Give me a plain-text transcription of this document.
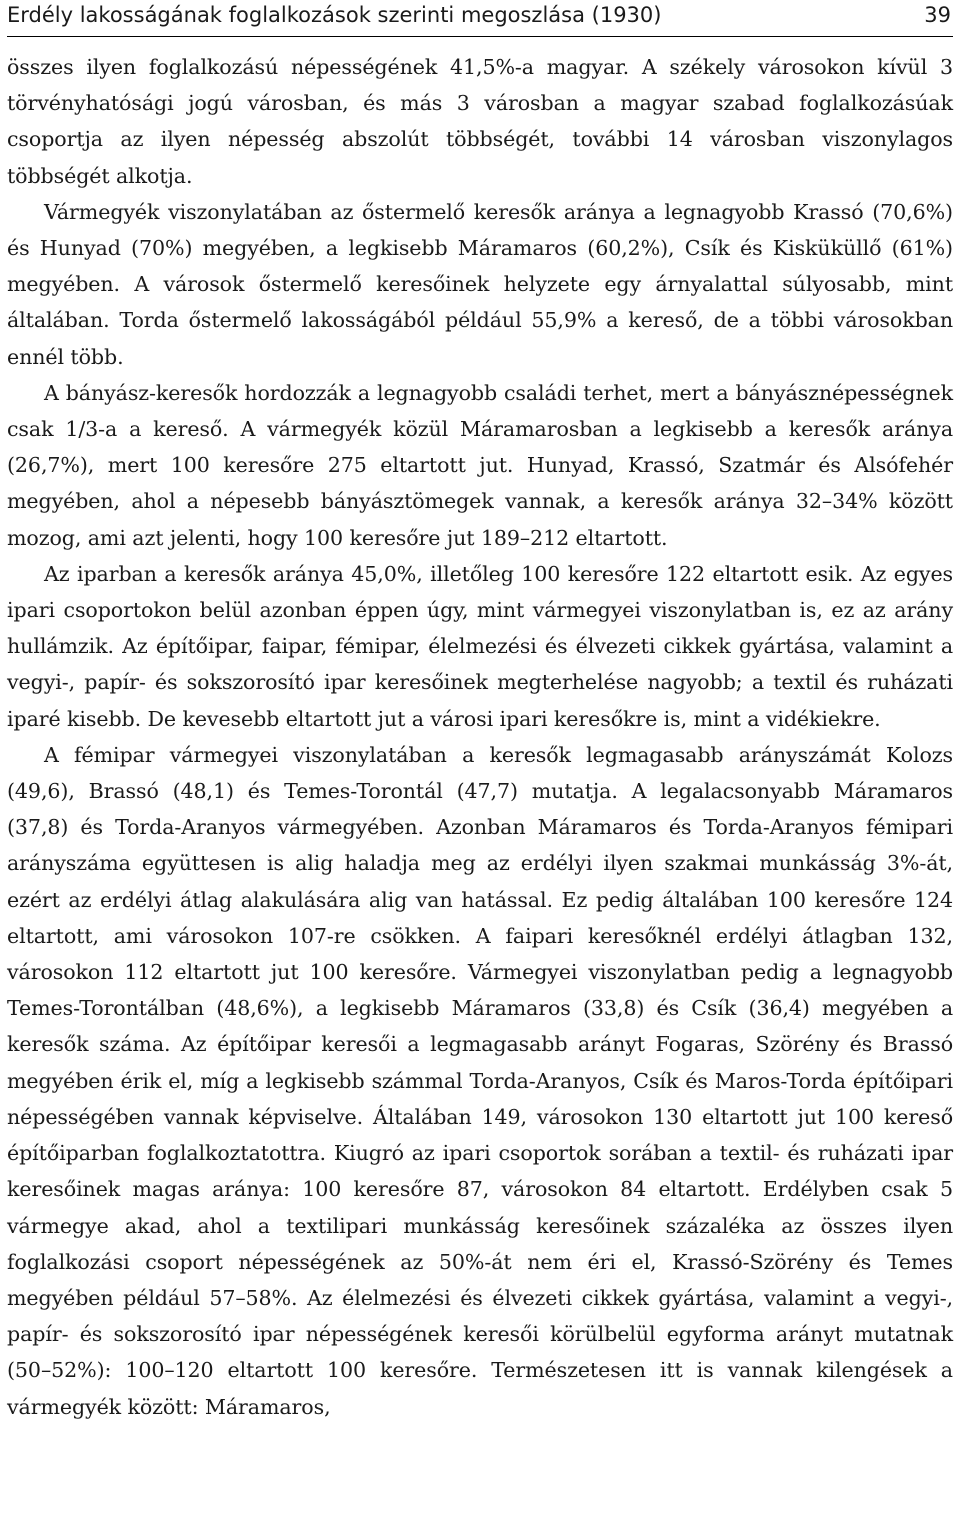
Erdély lakosságának foglalkozások szerinti megoszlása (1930)	39

összes ilyen foglalkozású népességének 41,5%-a magyar. A székely városokon kívül 3 törvényhatósági jogú városban, és más 3 városban a magyar szabad foglalkozásúak csoportja az ilyen népesség abszolút többségét, további 14 városban viszonylagos többségét alkotja.

Vármegyék viszonylatában az őstermelő keresők aránya a legnagyobb Krassó (70,6%) és Hunyad (70%) megyében, a legkisebb Máramaros (60,2%), Csík és Kisküküllő (61%) megyében. A városok őstermelő keresőinek helyzete egy árnyalattal súlyosabb, mint általában. Torda őstermelő lakosságából például 55,9% a kereső, de a többi városokban ennél több.

A bányász-keresők hordozzák a legnagyobb családi terhet, mert a bányásznépességnek csak 1/3-a a kereső. A vármegyék közül Máramarosban a legkisebb a keresők aránya (26,7%), mert 100 keresőre 275 eltartott jut. Hunyad, Krassó, Szatmár és Alsófehér megyében, ahol a népesebb bányásztömegek vannak, a keresők aránya 32–34% között mozog, ami azt jelenti, hogy 100 keresőre jut 189–212 eltartott.

Az iparban a keresők aránya 45,0%, illetőleg 100 keresőre 122 eltartott esik. Az egyes ipari csoportokon belül azonban éppen úgy, mint vármegyei viszonylatban is, ez az arány hullámzik. Az építőipar, faipar, fémipar, élelmezési és élvezeti cikkek gyártása, valamint a vegyi-, papír- és sokszorosító ipar keresőinek megterhelése nagyobb; a textil és ruházati iparé kisebb. De kevesebb eltartott jut a városi ipari keresőkre is, mint a vidékiekre.

A fémipar vármegyei viszonylatában a keresők legmagasabb arányszámát Kolozs (49,6), Brassó (48,1) és Temes-Torontál (47,7) mutatja. A legalacsonyabb Máramaros (37,8) és Torda-Aranyos vármegyében. Azonban Máramaros és Torda-Aranyos fémipari arányszáma együttesen is alig haladja meg az erdélyi ilyen szakmai munkásság 3%-át, ezért az erdélyi átlag alakulására alig van hatással. Ez pedig általában 100 keresőre 124 eltartott, ami városokon 107-re csökken. A faipari keresőknél erdélyi átlagban 132, városokon 112 eltartott jut 100 keresőre. Vármegyei viszonylatban pedig a legnagyobb Temes-Torontálban (48,6%), a legkisebb Máramaros (33,8) és Csík (36,4) megyében a keresők száma. Az építőipar keresői a legmagasabb arányt Fogaras, Szörény és Brassó megyében érik el, míg a legkisebb számmal Torda-Aranyos, Csík és Maros-Torda építőipari népességében vannak képviselve. Általában 149, városokon 130 eltartott jut 100 kereső építőiparban foglalkoztatottra. Kiugró az ipari csoportok sorában a textil- és ruházati ipar keresőinek magas aránya: 100 keresőre 87, városokon 84 eltartott. Erdélyben csak 5 vármegye akad, ahol a textilipari munkásság keresőinek százaléka az összes ilyen foglalkozási csoport népességének az 50%-át nem éri el, Krassó-Szörény és Temes megyében például 57–58%. Az élelmezési és élvezeti cikkek gyártása, valamint a vegyi-, papír- és sokszorosító ipar népességének keresői körülbelül egyforma arányt mutatnak (50–52%): 100–120 eltartott 100 keresőre. Természetesen itt is vannak kilengések a vármegyék között: Máramaros,
